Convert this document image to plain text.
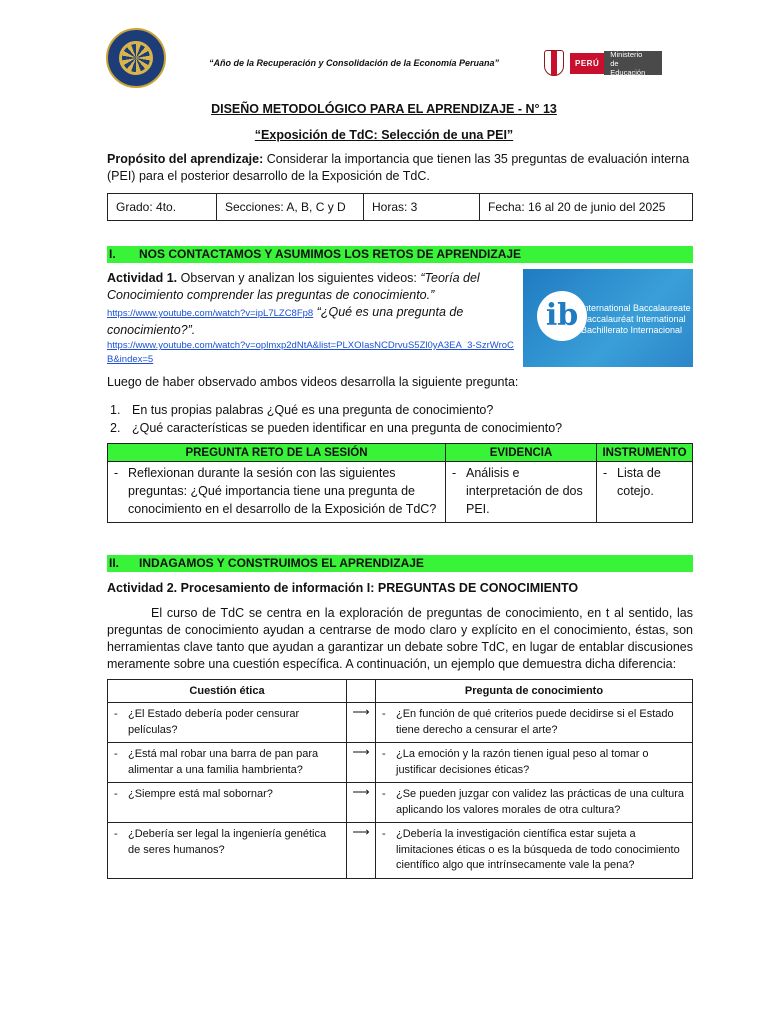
“Año de la Recuperación y Consolidación de la Economía Peruana”	PERÚ
Ministerio
de Educación
DISEÑO METODOLÓGICO PARA EL APRENDIZAJE - N° 13
“Exposición de TdC: Selección de una PEI”
Propósito del aprendizaje: Considerar la importancia que tienen las 35 preguntas de evaluación interna (PEI) para el posterior desarrollo de la Exposición de TdC.
Grado: 4to.	Secciones: A, B, C y D	Horas: 3	Fecha: 16 al 20 de junio del 2025
I. NOS CONTACTAMOS Y ASUMIMOS LOS RETOS DE APRENDIZAJE
Actividad 1. Observan y analizan los siguientes videos: “Teoría del Conocimiento comprender las preguntas de conocimiento.”
https://www.youtube.com/watch?v=ipL7LZC8Fp8 “¿Qué es una pregunta de conocimiento?”.
https://www.youtube.com/watch?v=oplmxp2dNtA&list=PLXOIasNCDrvuS5Zl0yA3EA_3-SzrWroCB&index=5
ib International Baccalaureate
Baccalauréat International
Bachillerato Internacional
Luego de haber observado ambos videos desarrolla la siguiente pregunta:
1. En tus propias palabras ¿Qué es una pregunta de conocimiento?
2. ¿Qué características se pueden identificar en una pregunta de conocimiento?
PREGUNTA RETO DE LA SESIÓN	EVIDENCIA	INSTRUMENTO

- Reflexionan durante la sesión con las siguientes preguntas: ¿Qué importancia tiene una pregunta de conocimiento en el desarrollo de la Exposición de TdC?	- Análisis e interpretación de dos PEI.	- Lista de cotejo.
II. INDAGAMOS Y CONSTRUIMOS EL APRENDIZAJE
Actividad 2. Procesamiento de información I: PREGUNTAS DE CONOCIMIENTO
El curso de TdC se centra en la exploración de preguntas de conocimiento, en t al sentido, las preguntas de conocimiento ayudan a centrarse de modo claro y explícito en el conocimiento, éstas, son herramientas clave tanto que ayudan a garantizar un debate sobre TdC, en lugar de entablar discusiones meramente sobre una cuestión específica. A continuación, un ejemplo que demuestra dicha diferencia:
Cuestión ética		Pregunta de conocimiento

- ¿El Estado debería poder censurar películas?	⟶	- ¿En función de qué criterios puede decidirse si el Estado tiene derecho a censurar el arte?

- ¿Está mal robar una barra de pan para alimentar a una familia hambrienta?	⟶	- ¿La emoción y la razón tienen igual peso al tomar o justificar decisiones éticas?

- ¿Siempre está mal sobornar?	⟶	- ¿Se pueden juzgar con validez las prácticas de una cultura aplicando los valores morales de otra cultura?

- ¿Debería ser legal la ingeniería genética de seres humanos?	⟶	- ¿Debería la investigación científica estar sujeta a limitaciones éticas o es la búsqueda de todo conocimiento científico algo que intrínsecamente vale la pena?
